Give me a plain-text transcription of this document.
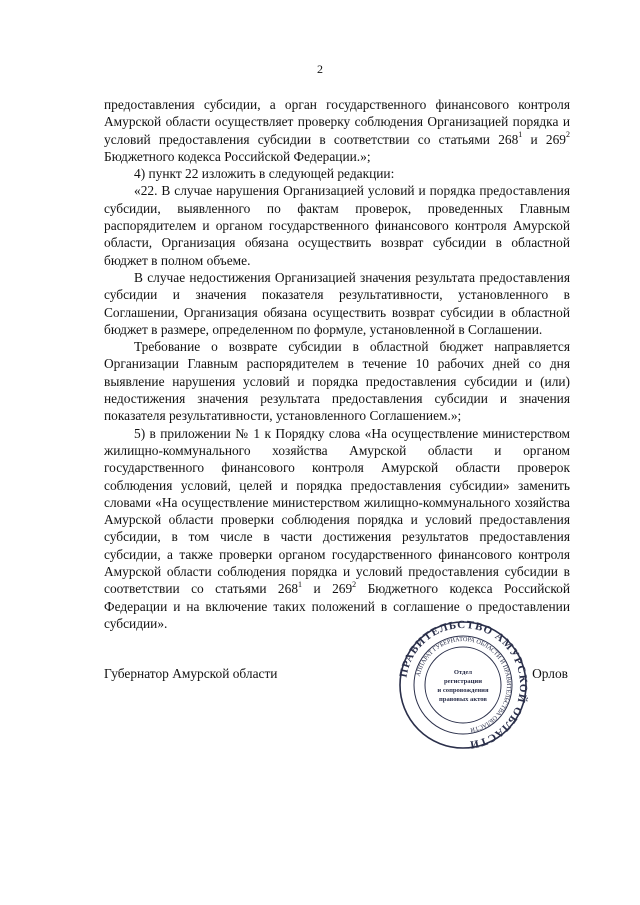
2

предоставления субсидии, а орган государственного финансового контроля Амурской области осуществляет проверку соблюдения Организацией порядка и условий предоставления субсидии в соответствии со статьями $268^1$ и $269^2$ Бюджетного кодекса Российской Федерации.»;

4) пункт 22 изложить в следующей редакции:

«22. В случае нарушения Организацией условий и порядка предоставления субсидии, выявленного по фактам проверок, проведенных Главным распорядителем и органом государственного финансового контроля Амурской области, Организация обязана осуществить возврат субсидии в областной бюджет в полном объеме.

В случае недостижения Организацией значения результата предоставления субсидии и значения показателя результативности, установленного в Соглашении, Организация обязана осуществить возврат субсидии в областной бюджет в размере, определенном по формуле, установленной в Соглашении.

Требование о возврате субсидии в областной бюджет направляется Организации Главным распорядителем в течение 10 рабочих дней со дня выявление нарушения условий и порядка предоставления субсидии и (или) недостижения значения результата предоставления субсидии и значения показателя результативности, установленного Соглашением.»;

5) в приложении № 1 к Порядку слова «На осуществление министерством жилищно-коммунального хозяйства Амурской области и органом государственного финансового контроля Амурской области проверок соблюдения условий, целей и порядка предоставления субсидии» заменить словами «На осуществление министерством жилищно-коммунального хозяйства Амурской области проверки соблюдения порядка и условий предоставления субсидии, в том числе в части достижения результатов предоставления субсидии, а также проверки органом государственного финансового контроля Амурской области соблюдения порядка и условий предоставления субсидии в соответствии со статьями $268^1$ и $269^2$ Бюджетного кодекса Российской Федерации и на включение таких положений в соглашение о предоставлении субсидии».

Губернатор Амурской области	Орлов
ПРАВИТЕЛЬСТВО АМУРСКОЙ ОБЛАСТИ
АППАРАТ ГУБЕРНАТОРА ОБЛАСТИ И ПРАВИТЕЛЬСТВА ОБЛАСТИ
Отдел
регистрации
и сопровождения
правовых актов
